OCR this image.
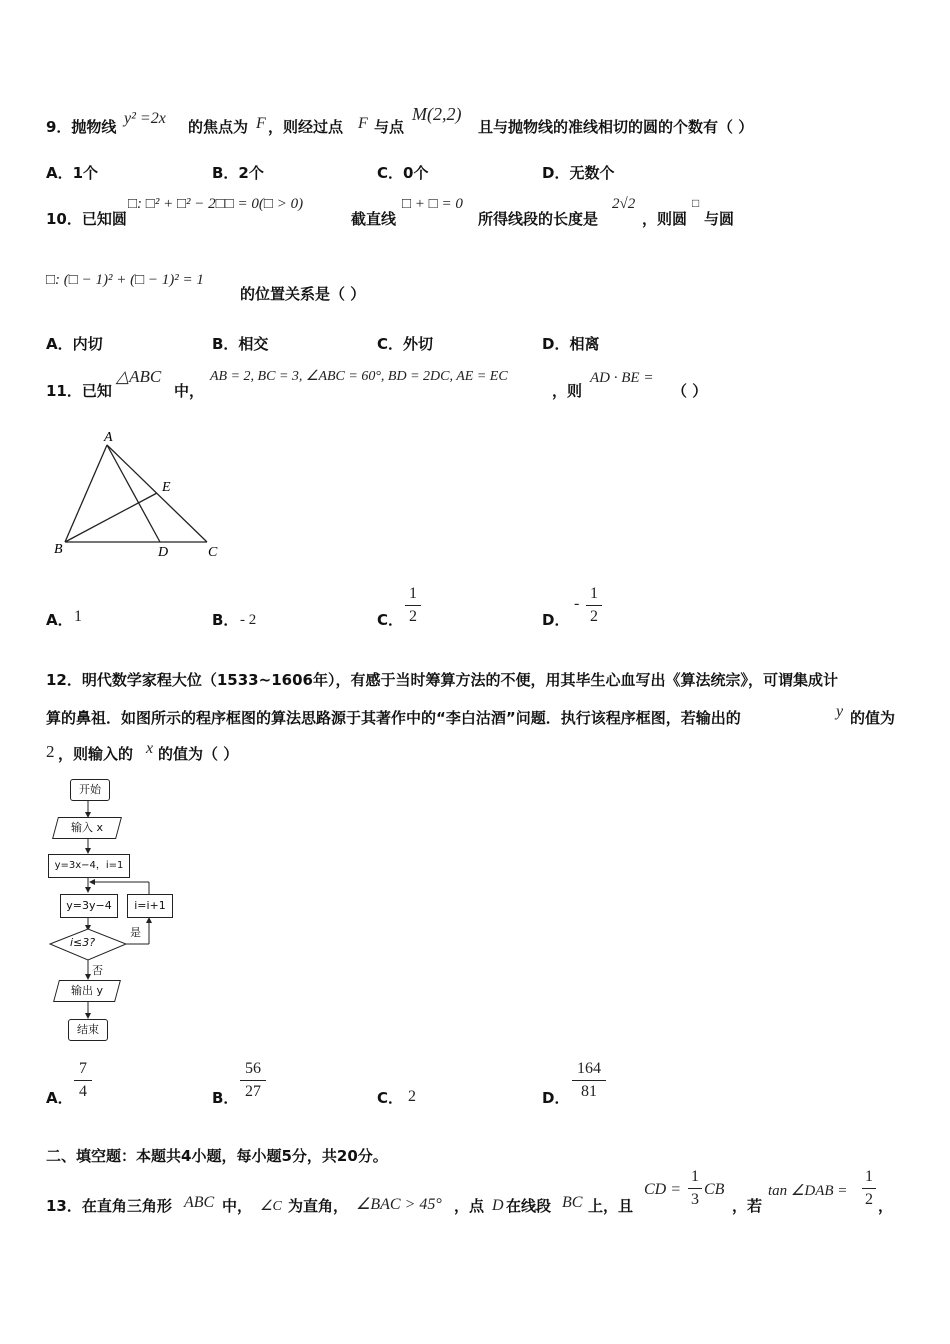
9．抛物线 y² =2x 的焦点为 F ，则经过点 F 与点
M(2,2)
且与抛物线的准线相切的圆的个数有（ ）
A．1个	B．2个	C．0个	D．无数个
10．已知圆
□: □² + □² − 2□□ = 0(□ > 0)
截直线
□ + □ = 0
所得线段的长度是
2√2
，则圆
□
与圆
□: (□ − 1)² + (□ − 1)² = 1
的位置关系是（ ）
A．内切	B．相交	C．外切	D．相离
11．已知
△ABC
中，
AB = 2, BC = 3, ∠ABC = 60°, BD = 2DC, AE = EC
，则
AD · BE =
（ ）
A
E
B	D	C
A． 1	B． - 2	C．
1
2	D．
-
1
2
12．明代数学家程大位（1533~1606年），有感于当时筹算方法的不便，用其毕生心血写出《算法统宗》，可谓集成计
算的鼻祖．如图所示的程序框图的算法思路源于其著作中的“李白沽酒”问题．执行该程序框图，若输出的	y 的值为
2 ，则输入的 x 的值为（ ）
开始
输入 x
y=3x−4，i=1
y=3y−4	i=i+1
i≤3?
是
否
输出 y
结束
A．
7
4	B．
56
27	C． 2	D．
164
81
二、填空题：本题共4小题，每小题5分，共20分。
13．在直角三角形 ABC 中， ∠C 为直角， ∠BAC > 45° ，点 D 在线段 BC 上，且
CD =
1
3
CB
，若
tan ∠DAB =
1
2 ，
